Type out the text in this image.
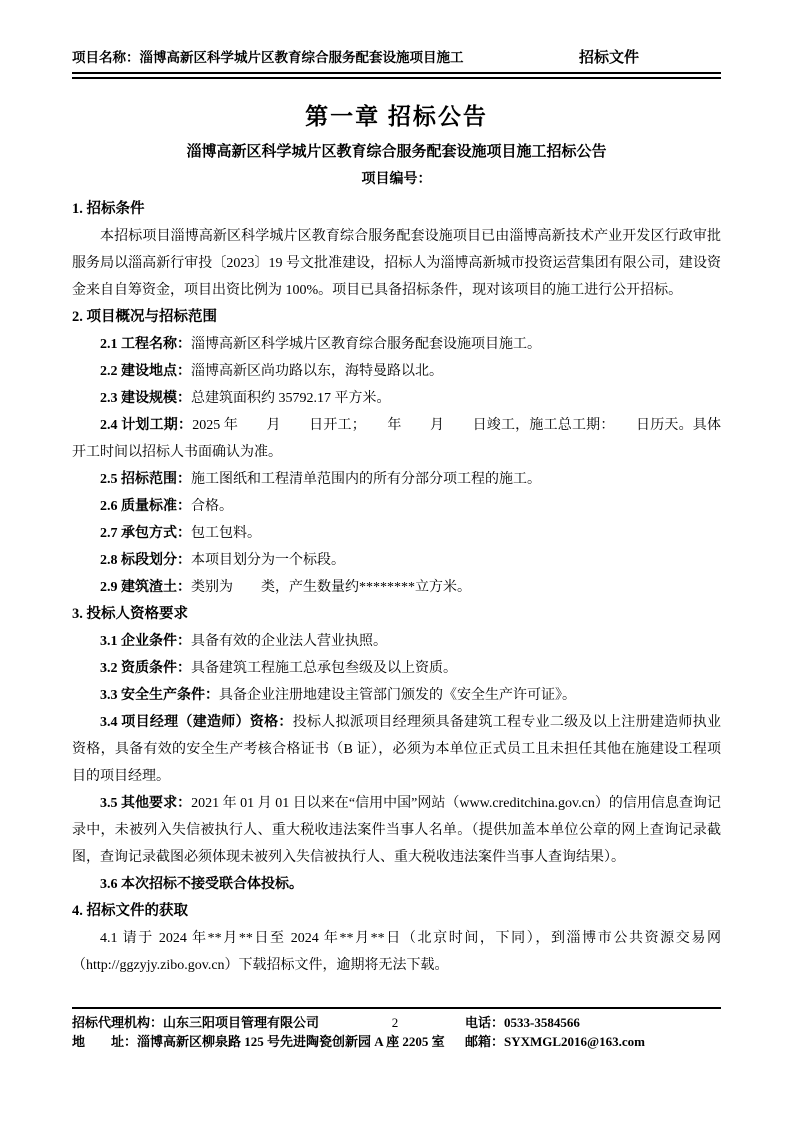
项目名称：淄博高新区科学城片区教育综合服务配套设施项目施工	招标文件
第一章 招标公告
淄博高新区科学城片区教育综合服务配套设施项目施工招标公告
项目编号：

1. 招标条件

本招标项目淄博高新区科学城片区教育综合服务配套设施项目已由淄博高新技术产业开发区行政审批服务局以淄高新行审投〔2023〕19 号文批准建设，招标人为淄博高新城市投资运营集团有限公司，建设资金来自自筹资金，项目出资比例为 100%。项目已具备招标条件，现对该项目的施工进行公开招标。

2. 项目概况与招标范围

2.1 工程名称：淄博高新区科学城片区教育综合服务配套设施项目施工。

2.2 建设地点：淄博高新区尚功路以东，海特曼路以北。

2.3 建设规模：总建筑面积约 35792.17 平方米。

2.4 计划工期：2025 年　　月　　日开工；　　年　　月　　日竣工，施工总工期：　　日历天。具体开工时间以招标人书面确认为准。

2.5 招标范围：施工图纸和工程清单范围内的所有分部分项工程的施工。

2.6 质量标准：合格。

2.7 承包方式：包工包料。

2.8 标段划分：本项目划分为一个标段。

2.9 建筑渣土：类别为　　类，产生数量约********立方米。

3. 投标人资格要求

3.1 企业条件：具备有效的企业法人营业执照。

3.2 资质条件：具备建筑工程施工总承包叁级及以上资质。

3.3 安全生产条件：具备企业注册地建设主管部门颁发的《安全生产许可证》。

3.4 项目经理（建造师）资格：投标人拟派项目经理须具备建筑工程专业二级及以上注册建造师执业资格，具备有效的安全生产考核合格证书（B 证），必须为本单位正式员工且未担任其他在施建设工程项目的项目经理。

3.5 其他要求：2021 年 01 月 01 日以来在“信用中国”网站（www.creditchina.gov.cn）的信用信息查询记录中，未被列入失信被执行人、重大税收违法案件当事人名单。（提供加盖本单位公章的网上查询记录截图，查询记录截图必须体现未被列入失信被执行人、重大税收违法案件当事人查询结果）。

3.6 本次招标不接受联合体投标。

4. 招标文件的获取

4.1 请于 2024 年**月**日至 2024 年**月**日（北京时间，下同），到淄博市公共资源交易网（http://ggzyjy.zibo.gov.cn）下载招标文件，逾期将无法下载。

招标代理机构：山东三阳项目管理有限公司	2	电话：0533-3584566
地　　址：淄博高新区柳泉路 125 号先进陶瓷创新园 A 座 2205 室 邮箱：SYXMGL2016@163.com
